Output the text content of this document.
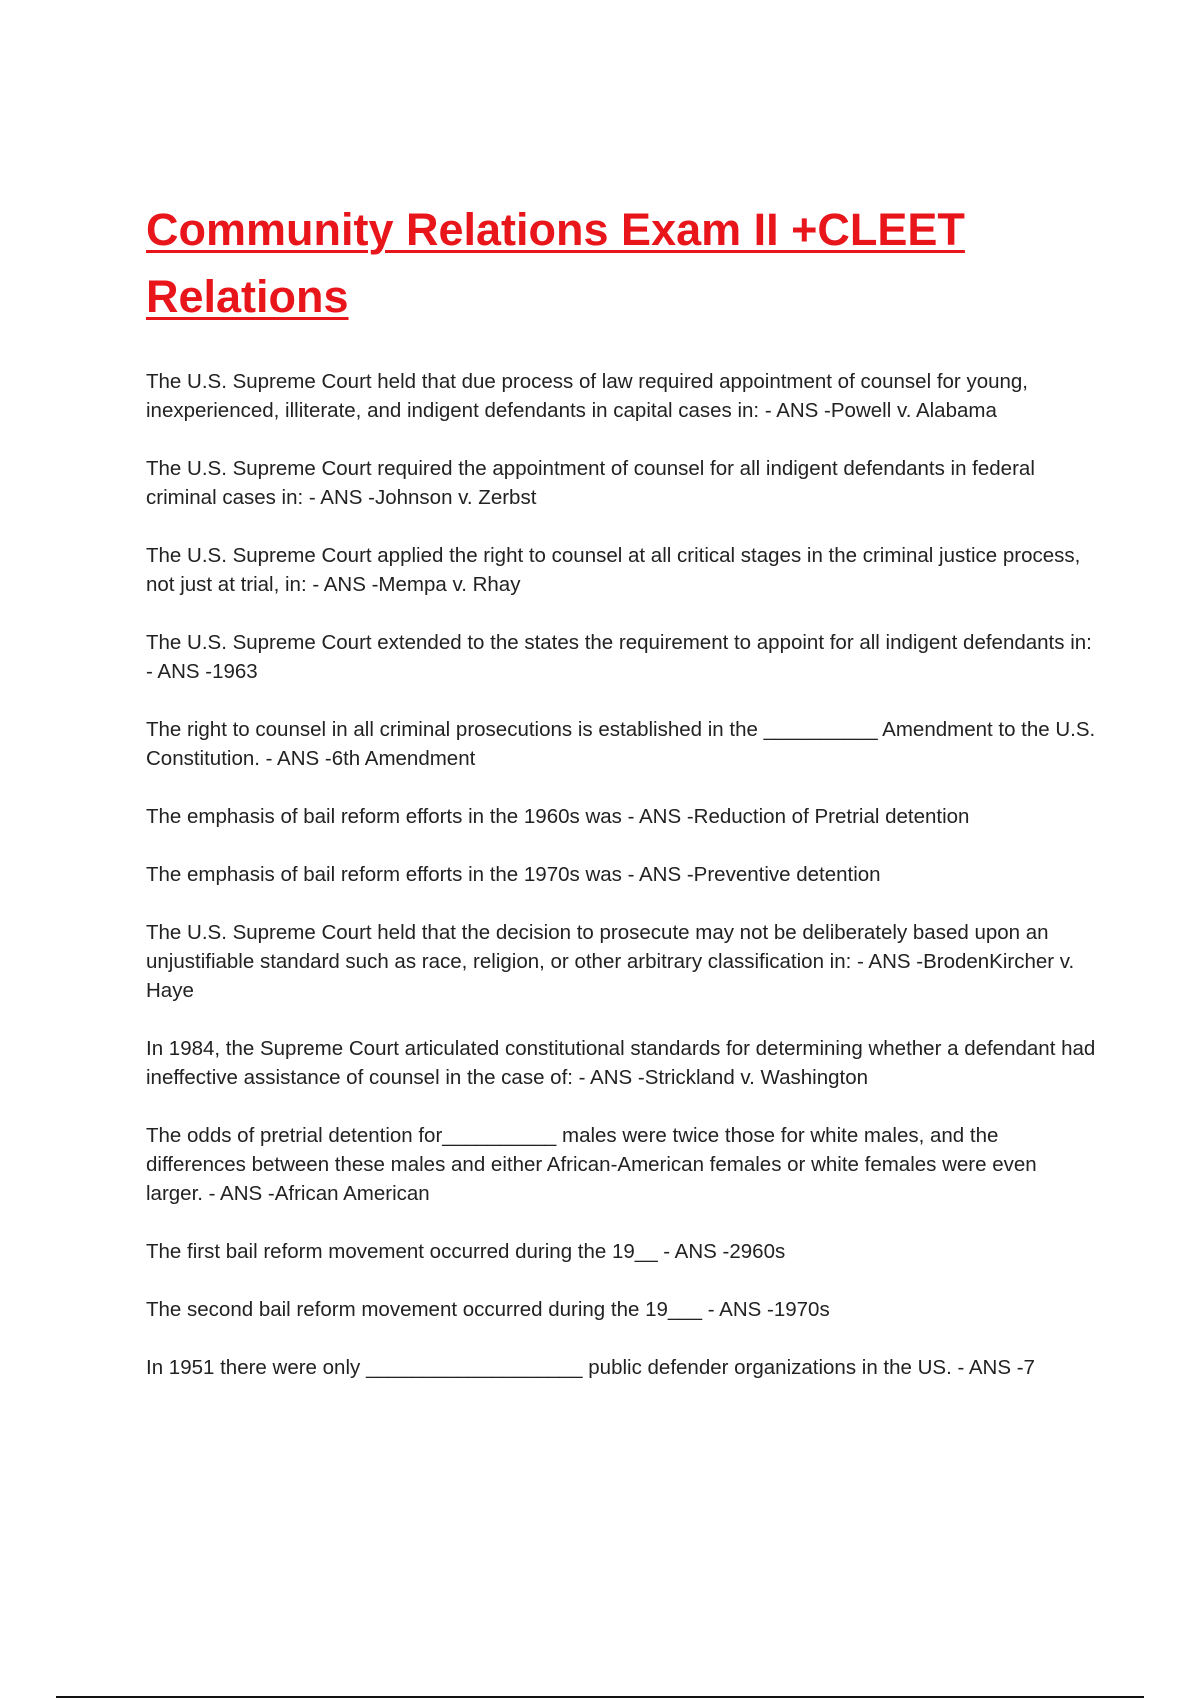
Community Relations Exam II +CLEET Relations

The U.S. Supreme Court held that due process of law required appointment of counsel for young, inexperienced, illiterate, and indigent defendants in capital cases in: - ANS -Powell v. Alabama

The U.S. Supreme Court required the appointment of counsel for all indigent defendants in federal criminal cases in: - ANS -Johnson v. Zerbst

The U.S. Supreme Court applied the right to counsel at all critical stages in the criminal justice process, not just at trial, in: - ANS -Mempa v. Rhay

The U.S. Supreme Court extended to the states the requirement to appoint for all indigent defendants in: - ANS -1963

The right to counsel in all criminal prosecutions is established in the __________ Amendment to the U.S. Constitution. - ANS -6th Amendment

The emphasis of bail reform efforts in the 1960s was - ANS -Reduction of Pretrial detention

The emphasis of bail reform efforts in the 1970s was - ANS -Preventive detention

The U.S. Supreme Court held that the decision to prosecute may not be deliberately based upon an unjustifiable standard such as race, religion, or other arbitrary classification in: - ANS -BrodenKircher v. Haye

In 1984, the Supreme Court articulated constitutional standards for determining whether a defendant had ineffective assistance of counsel in the case of: - ANS -Strickland v. Washington

The odds of pretrial detention for__________ males were twice those for white males, and the differences between these males and either African-American females or white females were even larger. - ANS -African American

The first bail reform movement occurred during the 19__ - ANS -2960s

The second bail reform movement occurred during the 19___ - ANS -1970s

In 1951 there were only ___________________ public defender organizations in the US. - ANS -7
